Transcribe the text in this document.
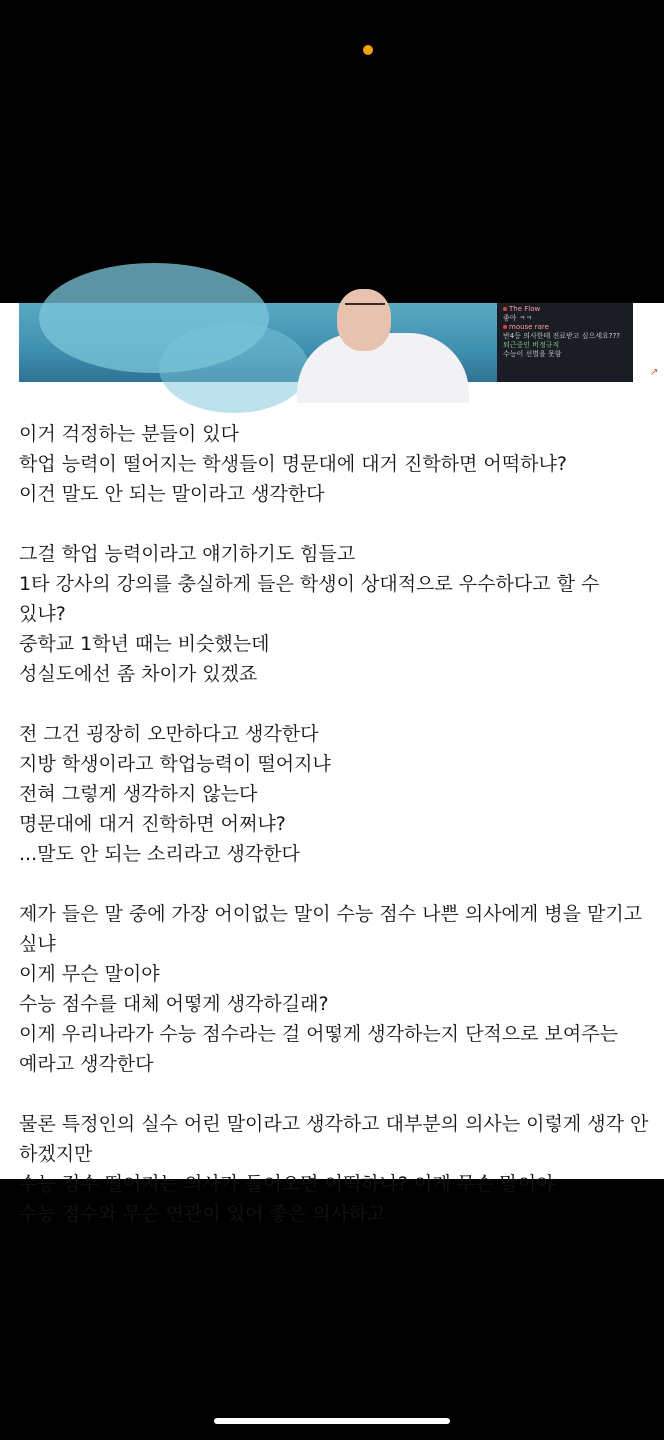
The Flow
좋아 ㅋㅋ
mouse rare
반4등 의사한테 진료받고 싶으세요???
퇴근중인 버정규직
수능이 선별을 못함
↗
이거 걱정하는 분들이 있다
학업 능력이 떨어지는 학생들이 명문대에 대거 진학하면 어떡하냐?
이건 말도 안 되는 말이라고 생각한다
그걸 학업 능력이라고 얘기하기도 힘들고
1타 강사의 강의를 충실하게 들은 학생이 상대적으로 우수하다고 할 수 있냐?
중학교 1학년 때는 비슷했는데
성실도에선 좀 차이가 있겠죠
전 그건 굉장히 오만하다고 생각한다
지방 학생이라고 학업능력이 떨어지냐
전혀 그렇게 생각하지 않는다
명문대에 대거 진학하면 어쩌냐?
...말도 안 되는 소리라고 생각한다
제가 들은 말 중에 가장 어이없는 말이 수능 점수 나쁜 의사에게 병을 맡기고 싶냐
이게 무슨 말이야
수능 점수를 대체 어떻게 생각하길래?
이게 우리나라가 수능 점수라는 걸 어떻게 생각하는지 단적으로 보여주는 예라고 생각한다
물론 특정인의 실수 어린 말이라고 생각하고 대부분의 의사는 이렇게 생각 안 하겠지만
수능 점수 떨어지는 의사가 들어오면 어떡하냐? 이게 무슨 말이야
수능 점수와 무슨 연관이 있어 좋은 의사하고
